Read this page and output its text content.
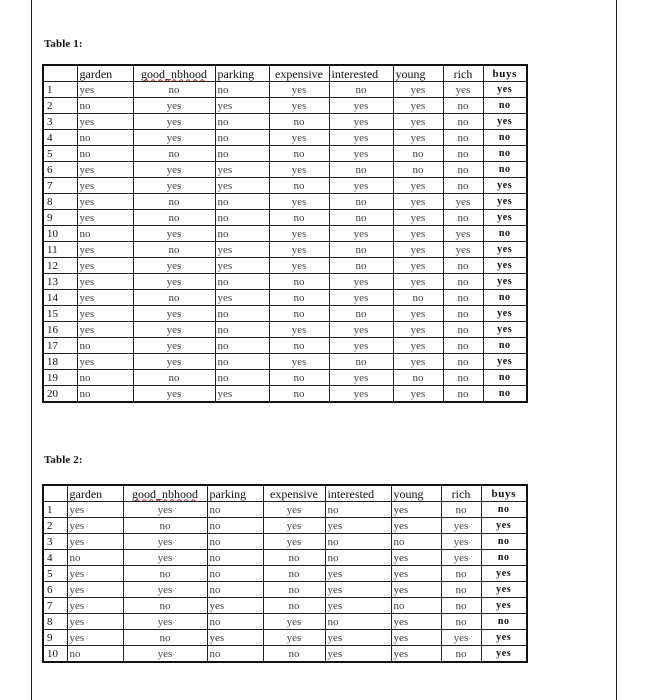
Table 1:
	garden	good_nbhood	parking	expensive	interested	young	rich	buys
1	yes	no	no	yes	no	yes	yes	yes
2	no	yes	yes	yes	yes	yes	no	no
3	yes	yes	no	no	yes	yes	no	yes
4	no	yes	no	yes	yes	yes	no	no
5	no	no	no	no	yes	no	no	no
6	yes	yes	yes	yes	no	no	no	no
7	yes	yes	yes	no	yes	yes	no	yes
8	yes	no	no	yes	no	yes	yes	yes
9	yes	no	no	no	no	yes	no	yes
10	no	yes	no	yes	yes	yes	yes	no
11	yes	no	yes	yes	no	yes	yes	yes
12	yes	yes	yes	yes	no	yes	no	yes
13	yes	yes	no	no	yes	yes	no	yes
14	yes	no	yes	no	yes	no	no	no
15	yes	yes	no	no	no	yes	no	yes
16	yes	yes	no	yes	yes	yes	no	yes
17	no	yes	no	no	yes	yes	no	no
18	yes	yes	no	yes	no	yes	no	yes
19	no	no	no	no	yes	no	no	no
20	no	yes	yes	no	yes	yes	no	no
Table 2:
	garden	good_nbhood	parking	expensive	interested	young	rich	buys
1	yes	yes	no	yes	no	yes	no	no
2	yes	no	no	yes	yes	yes	yes	yes
3	yes	yes	no	yes	no	no	yes	no
4	no	yes	no	no	no	yes	yes	no
5	yes	no	no	no	yes	yes	no	yes
6	yes	yes	no	no	yes	yes	no	yes
7	yes	no	yes	no	yes	no	no	yes
8	yes	yes	no	yes	no	yes	no	no
9	yes	no	yes	yes	yes	yes	yes	yes
10	no	yes	no	no	yes	yes	no	yes
